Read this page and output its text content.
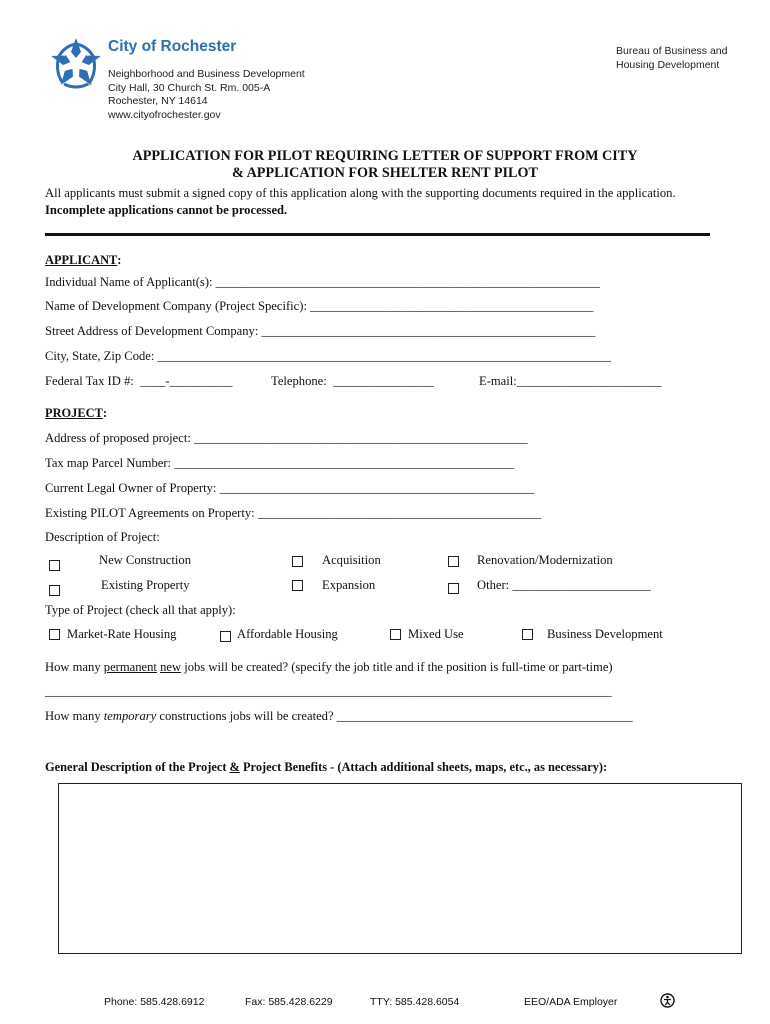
®
City of Rochester
Neighborhood and Business Development
City Hall, 30 Church St. Rm. 005-A
Rochester, NY 14614
www.cityofrochester.gov
Bureau of Business and
Housing Development
APPLICATION FOR PILOT REQUIRING LETTER OF SUPPORT FROM CITY
& APPLICATION FOR SHELTER RENT PILOT
All applicants must submit a signed copy of this application along with the supporting documents required in the application. Incomplete applications cannot be processed.
APPLICANT:
Individual Name of Applicant(s): _____________________________________________________________
Name of Development Company (Project Specific): _____________________________________________
Street Address of Development Company: _____________________________________________________
City, State, Zip Code: ________________________________________________________________________
Federal Tax ID #:  ____-__________	Telephone:  ________________	E-mail:_______________________
PROJECT:
Address of proposed project: _____________________________________________________
Tax map Parcel Number: ______________________________________________________
Current Legal Owner of Property: __________________________________________________
Existing PILOT Agreements on Property: _____________________________________________
Description of Project:
New Construction	Acquisition	Renovation/Modernization
Existing Property	Expansion	Other: ______________________
Type of Project (check all that apply):
Market-Rate Housing	Affordable Housing	Mixed Use	Business Development
How many permanent new jobs will be created? (specify the job title and if the position is full-time or part-time)
__________________________________________________________________________________________
How many temporary constructions jobs will be created? _______________________________________________
General Description of the Project & Project Benefits - (Attach additional sheets, maps, etc., as necessary):
Phone: 585.428.6912	Fax: 585.428.6229	TTY: 585.428.6054	EEO/ADA Employer
